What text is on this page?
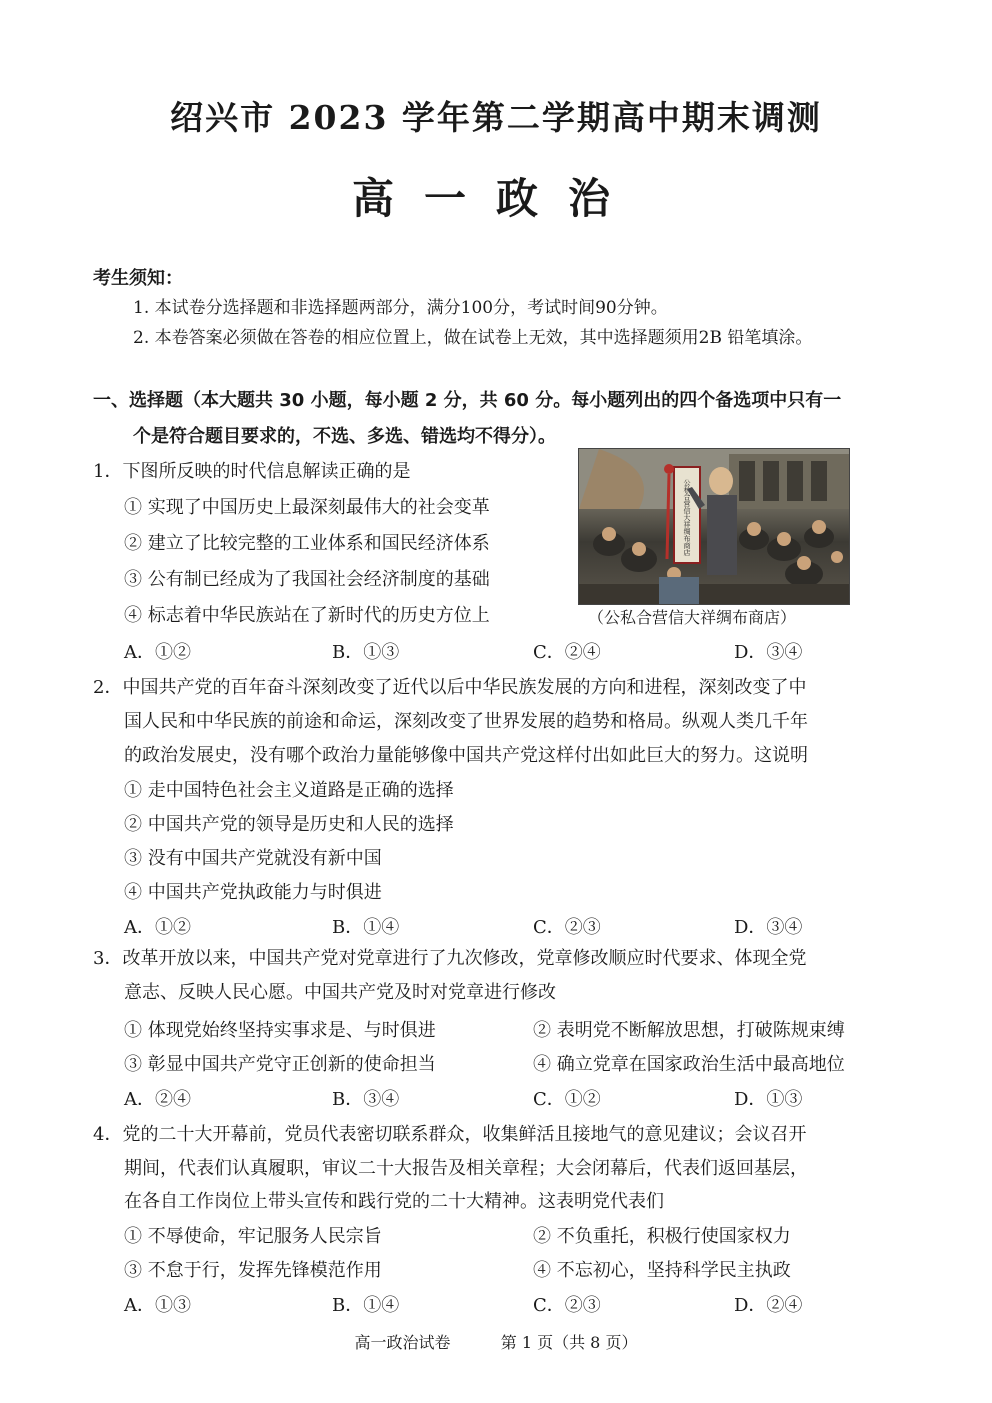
绍兴市 2023 学年第二学期高中期末调测
高一政治
考生须知：
1. 本试卷分选择题和非选择题两部分，满分100分，考试时间90分钟。
2. 本卷答案必须做在答卷的相应位置上，做在试卷上无效，其中选择题须用2B 铅笔填涂。
一、选择题（本大题共 30 小题，每小题 2 分，共 60 分。每小题列出的四个备选项中只有一
个是符合题目要求的，不选、多选、错选均不得分）。
1．下图所反映的时代信息解读正确的是
① 实现了中国历史上最深刻最伟大的社会变革
② 建立了比较完整的工业体系和国民经济体系
③ 公有制已经成为了我国社会经济制度的基础
④ 标志着中华民族站在了新时代的历史方位上
公私合营信大祥绸布商店
（公私合营信大祥绸布商店）
A．①②	B．①③	C．②④	D．③④
2．中国共产党的百年奋斗深刻改变了近代以后中华民族发展的方向和进程，深刻改变了中
国人民和中华民族的前途和命运，深刻改变了世界发展的趋势和格局。纵观人类几千年
的政治发展史，没有哪个政治力量能够像中国共产党这样付出如此巨大的努力。这说明
① 走中国特色社会主义道路是正确的选择
② 中国共产党的领导是历史和人民的选择
③ 没有中国共产党就没有新中国
④ 中国共产党执政能力与时俱进
A．①②	B．①④	C．②③	D．③④
3．改革开放以来，中国共产党对党章进行了九次修改，党章修改顺应时代要求、体现全党
意志、反映人民心愿。中国共产党及时对党章进行修改
① 体现党始终坚持实事求是、与时俱进	② 表明党不断解放思想，打破陈规束缚
③ 彰显中国共产党守正创新的使命担当	④ 确立党章在国家政治生活中最高地位
A．②④	B．③④	C．①②	D．①③
4．党的二十大开幕前，党员代表密切联系群众，收集鲜活且接地气的意见建议；会议召开
期间，代表们认真履职，审议二十大报告及相关章程；大会闭幕后，代表们返回基层，
在各自工作岗位上带头宣传和践行党的二十大精神。这表明党代表们
① 不辱使命，牢记服务人民宗旨	② 不负重托，积极行使国家权力
③ 不怠于行，发挥先锋模范作用	④ 不忘初心，坚持科学民主执政
A．①③	B．①④	C．②③	D．②④
高一政治试卷	第 1 页（共 8 页）
